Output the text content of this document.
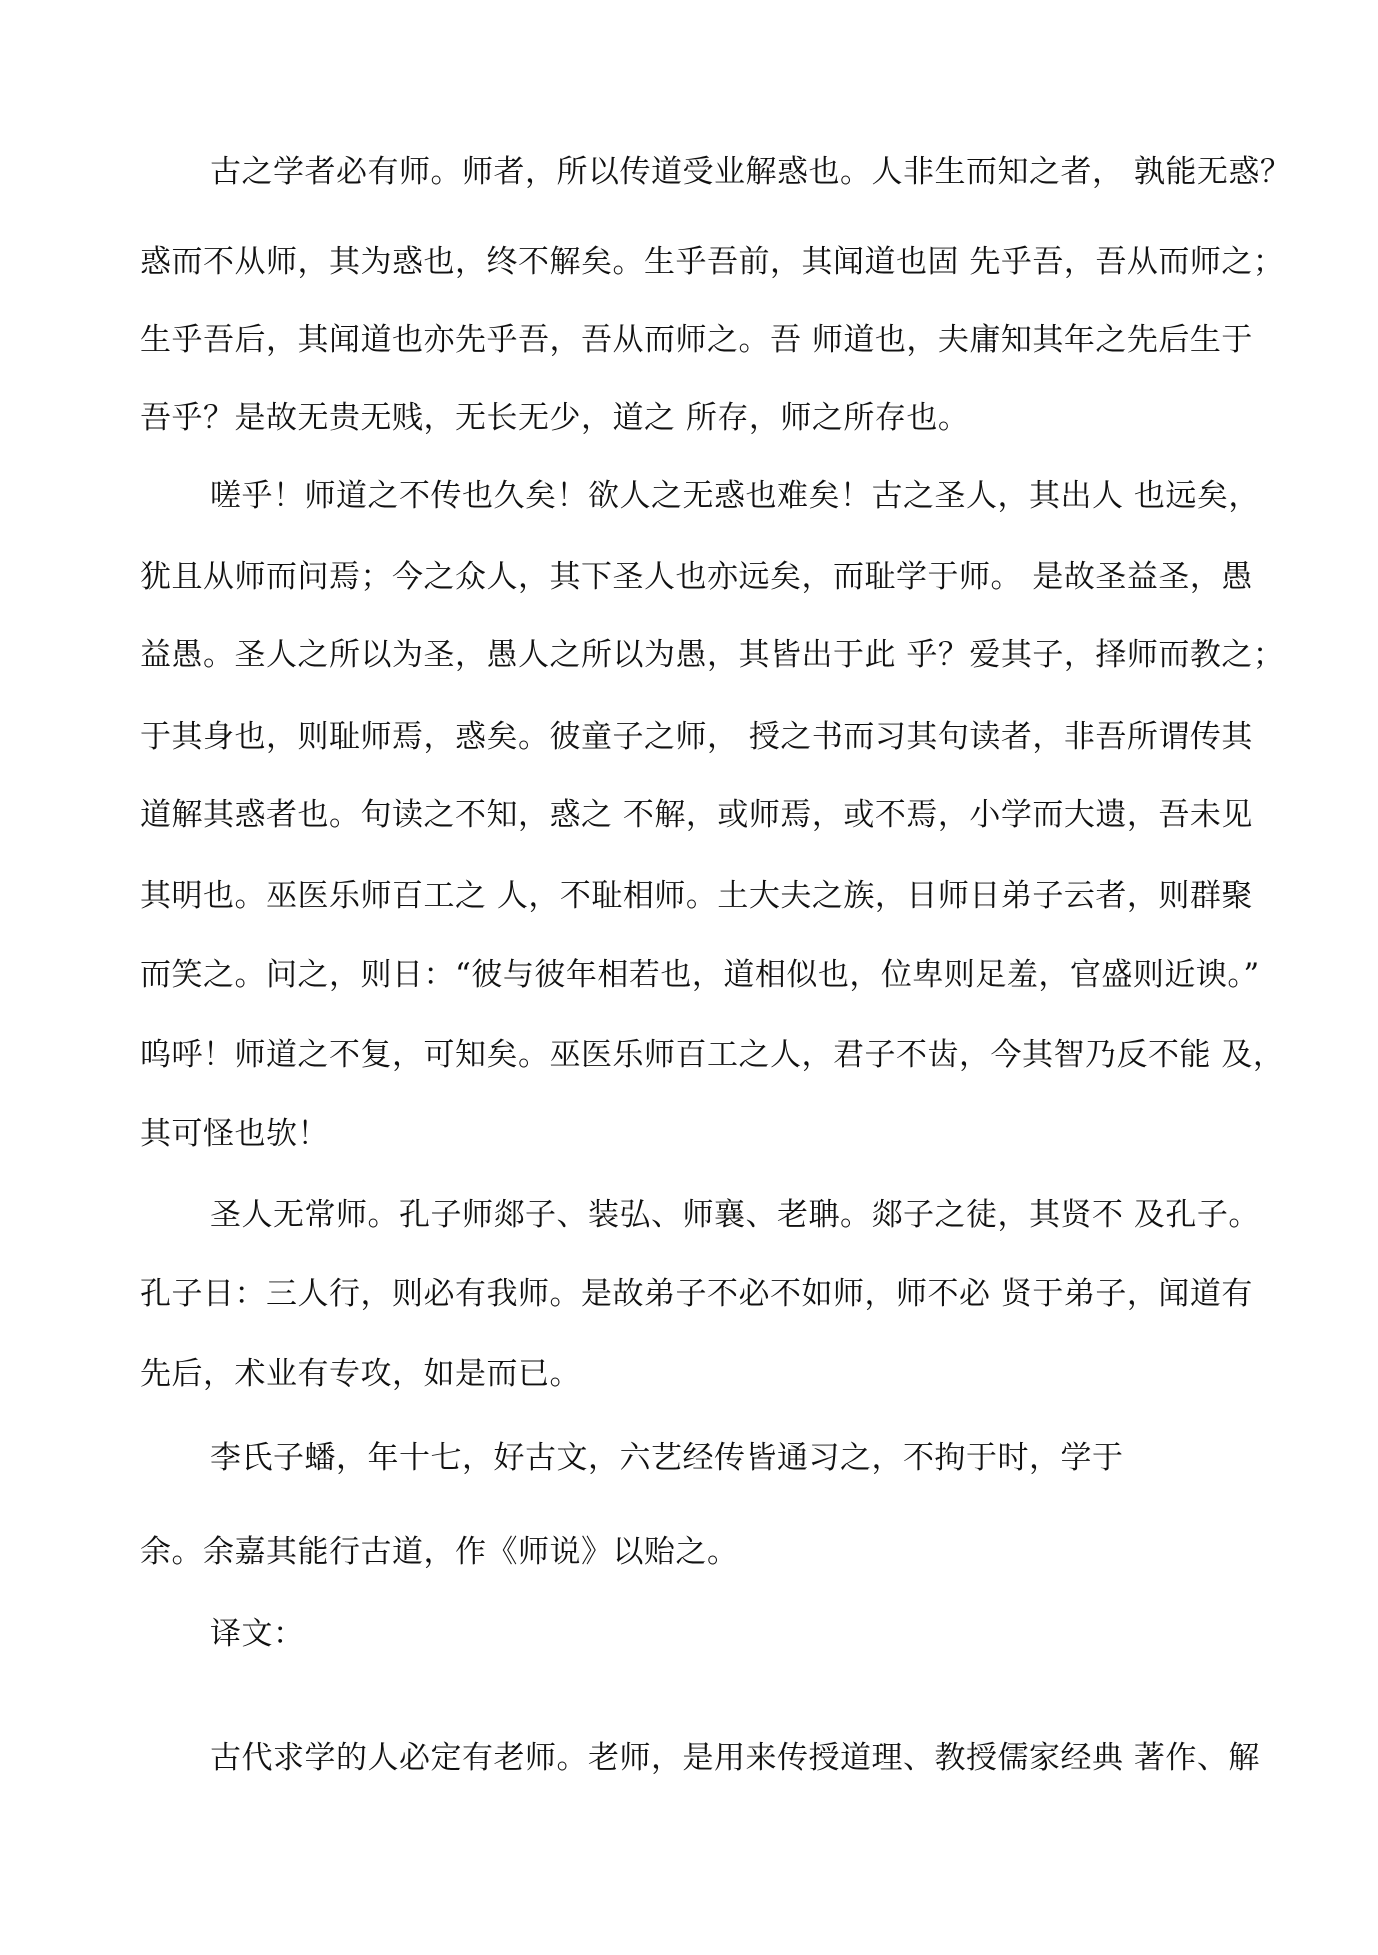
古之学者必有师。师者，所以传道受业解惑也。人非生而知之者， 孰能无惑？
惑而不从师，其为惑也，终不解矣。生乎吾前，其闻道也固 先乎吾，吾从而师之；
生乎吾后，其闻道也亦先乎吾，吾从而师之。吾 师道也，夫庸知其年之先后生于
吾乎？是故无贵无贱，无长无少，道之 所存，师之所存也。
嗟乎！师道之不传也久矣！欲人之无惑也难矣！古之圣人，其出人 也远矣，
犹且从师而问焉；今之众人，其下圣人也亦远矣，而耻学于师。 是故圣益圣，愚
益愚。圣人之所以为圣，愚人之所以为愚，其皆出于此 乎？爱其子，择师而教之；
于其身也，则耻师焉，惑矣。彼童子之师， 授之书而习其句读者，非吾所谓传其
道解其惑者也。句读之不知，惑之 不解，或师焉，或不焉，小学而大遗，吾未见
其明也。巫医乐师百工之 人，不耻相师。土大夫之族，日师日弟子云者，则群聚
而笑之。问之，则日：“彼与彼年相若也，道相似也，位卑则足羞，官盛则近谀。”
呜呼！师道之不复，可知矣。巫医乐师百工之人，君子不齿，今其智乃反不能 及，
其可怪也欤！
圣人无常师。孔子师郯子、装弘、师襄、老聃。郯子之徒，其贤不 及孔子。
孔子日：三人行，则必有我师。是故弟子不必不如师，师不必 贤于弟子，闻道有
先后，术业有专攻，如是而已。
李氏子蟠，年十七，好古文，六艺经传皆通习之，不拘于时，学于
余。余嘉其能行古道，作《师说》以贻之。
译文：
古代求学的人必定有老师。老师，是用来传授道理、教授儒家经典 著作、解
